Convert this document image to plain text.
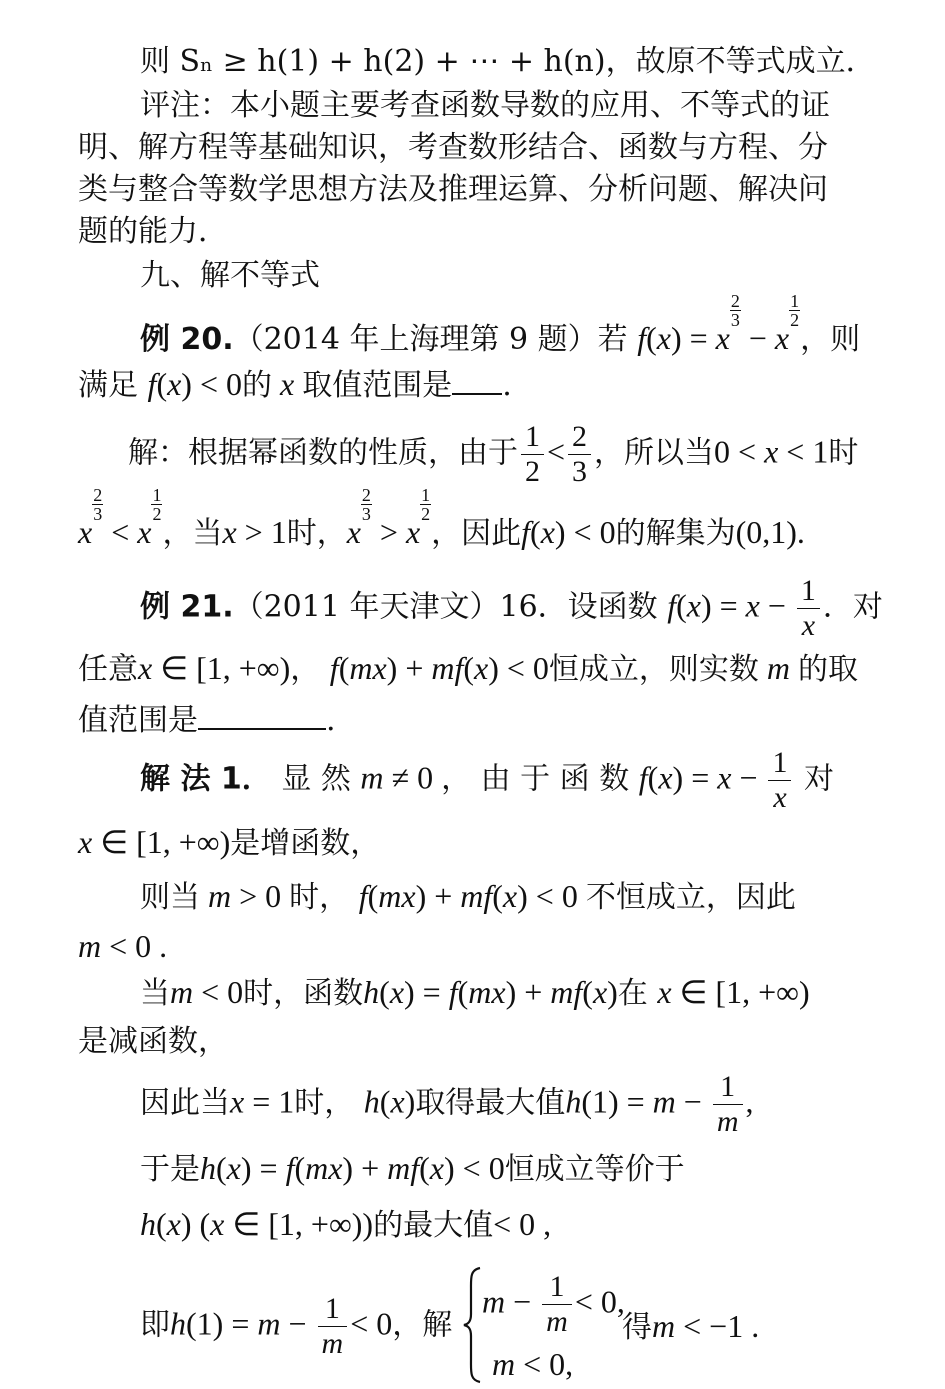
则 Sₙ ≥ h(1) + h(2) + ⋯ + h(n)，故原不等式成立．
评注：本小题主要考查函数导数的应用、不等式的证
明、解方程等基础知识，考查数形结合、函数与方程、分
类与整合等数学思想方法及推理运算、分析问题、解决问
题的能力．
九、解不等式
例 20.（2014 年上海理第 9 题）若 f(x) = x
$\frac{2}{3}$
− x
$\frac{1}{2}$
，则
满足 f(x) < 0的 x 取值范围是 .
解：根据幂函数的性质，由于 $\frac{1}{2} < \frac{2}{3}$ ，所以当0 < x < 1时
x
$\frac{2}{3}$
< x
$\frac{1}{2}$
，当x > 1时，x
$\frac{2}{3}$
> x
$\frac{1}{2}$
，因此f(x) < 0的解集为(0,1).
例 21.（2011 年天津文）16．设函数 $f(x) = x - \frac{1}{x}$ ．对
任意x ∈ [1, +∞)， f(mx) + mf(x) < 0恒成立，则实数 m 的取
值范围是	.
解 法 1． 显 然 m ≠ 0 ， 由 于 函 数 $f(x) = x - \frac{1}{x}$ 对
x ∈ [1, +∞)是增函数，
则当 m > 0 时， f(mx) + mf(x) < 0 不恒成立，因此
m < 0 .
当m < 0时，函数h(x) = f(mx) + mf(x)在 x ∈ [1, +∞)
是减函数，
因此当x = 1时， h(x)取得最大值$h(1) = m - \frac{1}{m}$ ,
于是h(x) = f(mx) + mf(x) < 0恒成立等价于
h(x) (x ∈ [1, +∞))的最大值< 0 ,
即$h(1) = m - \frac{1}{m} < 0$，解
$m - \frac{1}{m} < 0$,
m < 0,
得m < −1 .
